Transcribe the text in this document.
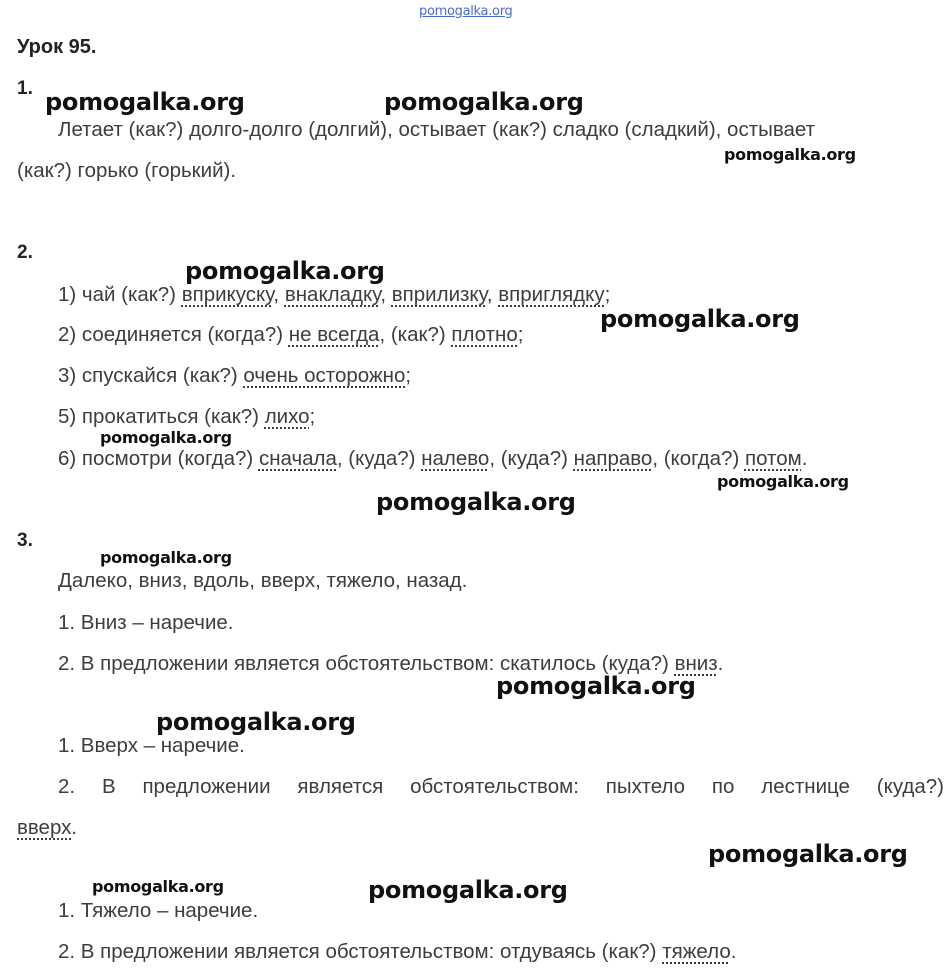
pomogalka.org
Урок 95.
1. pomogalka.org	pomogalka.org
Летает (как?) долго-долго (долгий), остывает (как?) сладко (сладкий), остывает
pomogalka.org
(как?) горько (горький).
2.
pomogalka.org
1) чай (как?) вприкуску, внакладку, вприлизку, вприглядку;
2) соединяется (когда?) не всегда, (как?) плотно;
pomogalka.org
3) спускайся (как?) очень осторожно;
5) прокатиться (как?) лихо;
pomogalka.org
6) посмотри (когда?) сначала, (куда?) налево, (куда?) направо, (когда?) потом.
pomogalka.org
pomogalka.org
3.
pomogalka.org
Далеко, вниз, вдоль, вверх, тяжело, назад.
1. Вниз – наречие.
2. В предложении является обстоятельством: скатилось (куда?) вниз.
pomogalka.org
pomogalka.org
1. Вверх – наречие.
2. В предложении является обстоятельством: пыхтело по лестнице (куда?)
вверх.
pomogalka.org
pomogalka.org	pomogalka.org
1. Тяжело – наречие.
2. В предложении является обстоятельством: отдуваясь (как?) тяжело.
